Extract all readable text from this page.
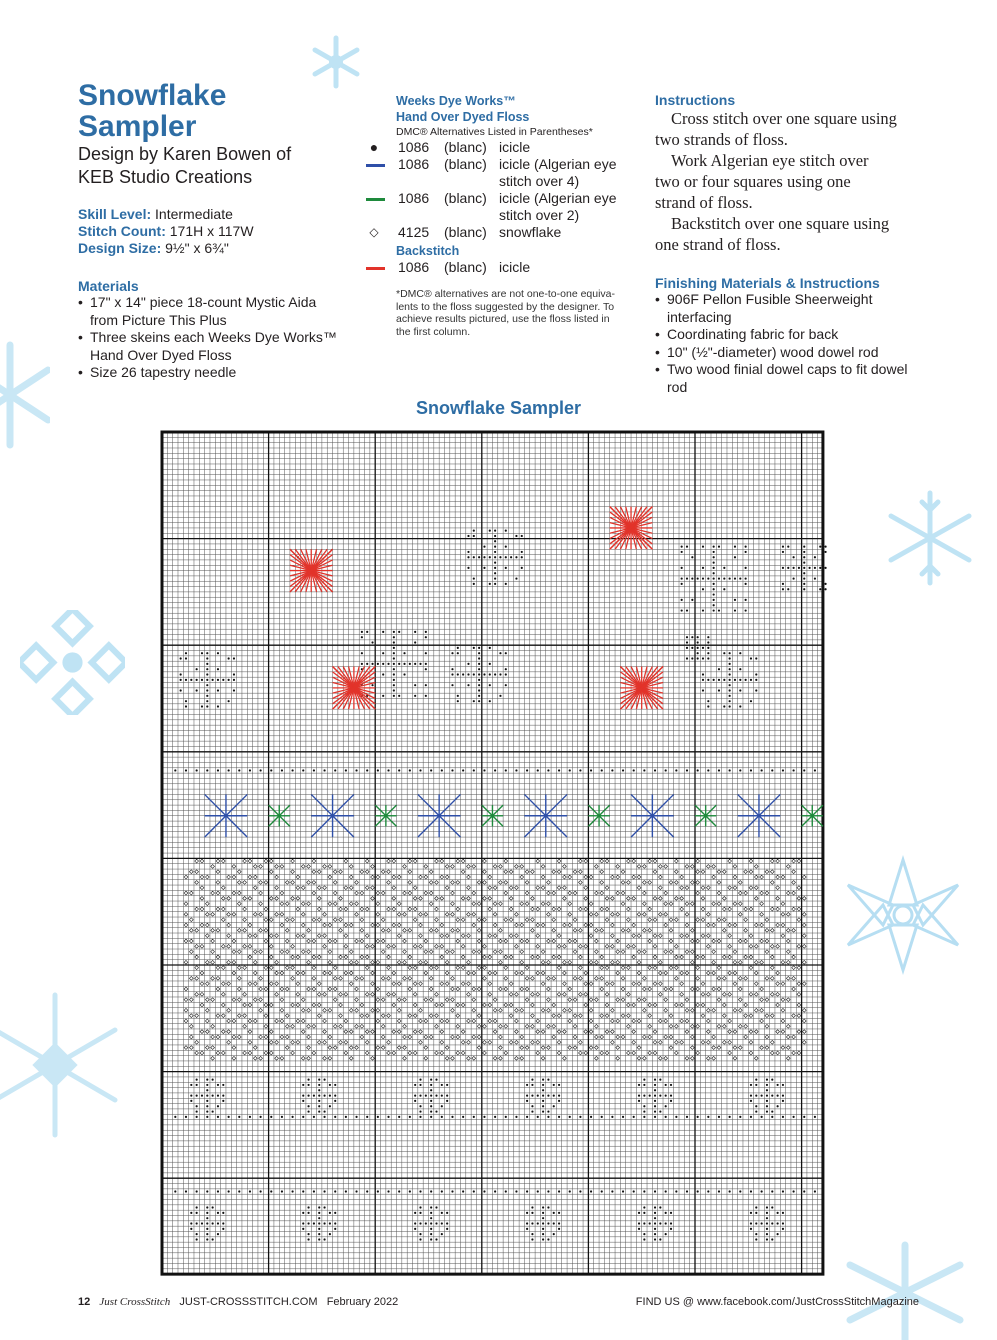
Snowflake
Sampler
Design by Karen Bowen of
KEB Studio Creations
Skill Level: Intermediate
Stitch Count: 171H x 117W
Design Size: 9½" x 6¾"
Materials
• 17" x 14" piece 18-count Mystic Aida from Picture This Plus
• Three skeins each Weeks Dye Works™ Hand Over Dyed Floss
• Size 26 tapestry needle
Weeks Dye Works™
Hand Over Dyed Floss
DMC® Alternatives Listed in Parentheses*
● 1086 (blanc) icicle
1086 (blanc) icicle (Algerian eye
stitch over 4)
1086 (blanc) icicle (Algerian eye
stitch over 2)
◇ 4125 (blanc) snowflake
Backstitch
1086 (blanc) icicle
*DMC® alternatives are not one-to-one equiva-
lents to the floss suggested by the designer. To
achieve results pictured, use the floss listed in
the first column.
Instructions

Cross stitch over one square using

two strands of floss.

Work Algerian eye stitch over

two or four squares using one

strand of floss.

Backstitch over one square using

one strand of floss.

Finishing Materials & Instructions
• 906F Pellon Fusible Sheerweight interfacing
• Coordinating fabric for back
• 10" (½"-diameter) wood dowel rod
• Two wood finial dowel caps to fit dowel rod
Snowflake Sampler
12 Just CrossStitch JUST-CROSSSTITCH.COM February 2022	FIND US @ www.facebook.com/JustCrossStitchMagazine
